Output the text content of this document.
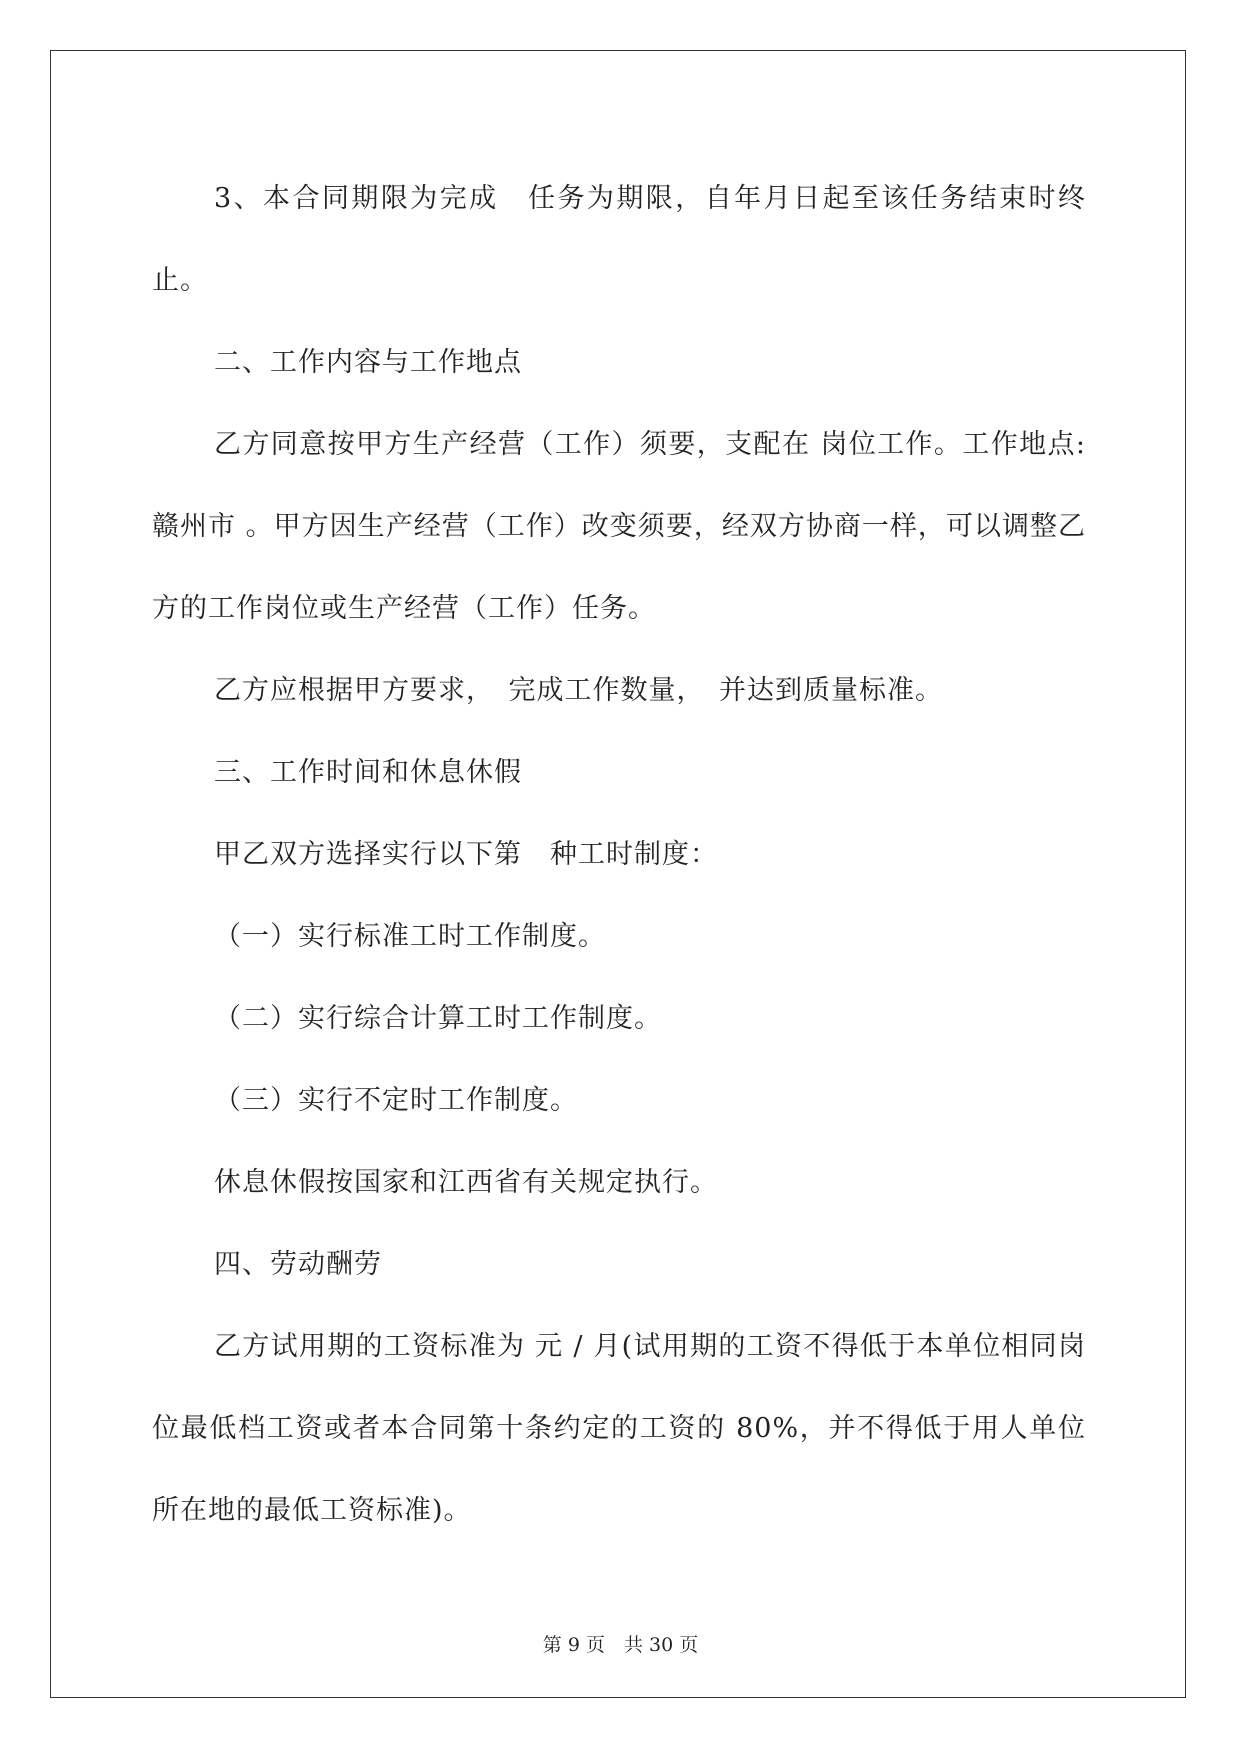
3、本合同期限为完成　任务为期限，自年月日起至该任务结束时终止。

二、工作内容与工作地点

乙方同意按甲方生产经营（工作）须要，支配在 岗位工作。工作地点: 赣州市 。甲方因生产经营（工作）改变须要，经双方协商一样，可以调整乙方的工作岗位或生产经营（工作）任务。

乙方应根据甲方要求，　完成工作数量，　并达到质量标准。

三、工作时间和休息休假

甲乙双方选择实行以下第　种工时制度：

（一）实行标准工时工作制度。

（二）实行综合计算工时工作制度。

（三）实行不定时工作制度。

休息休假按国家和江西省有关规定执行。

四、劳动酬劳

乙方试用期的工资标准为 元 / 月(试用期的工资不得低于本单位相同岗位最低档工资或者本合同第十条约定的工资的 80%，并不得低于用人单位所在地的最低工资标准)。

第 9 页　共 30 页
